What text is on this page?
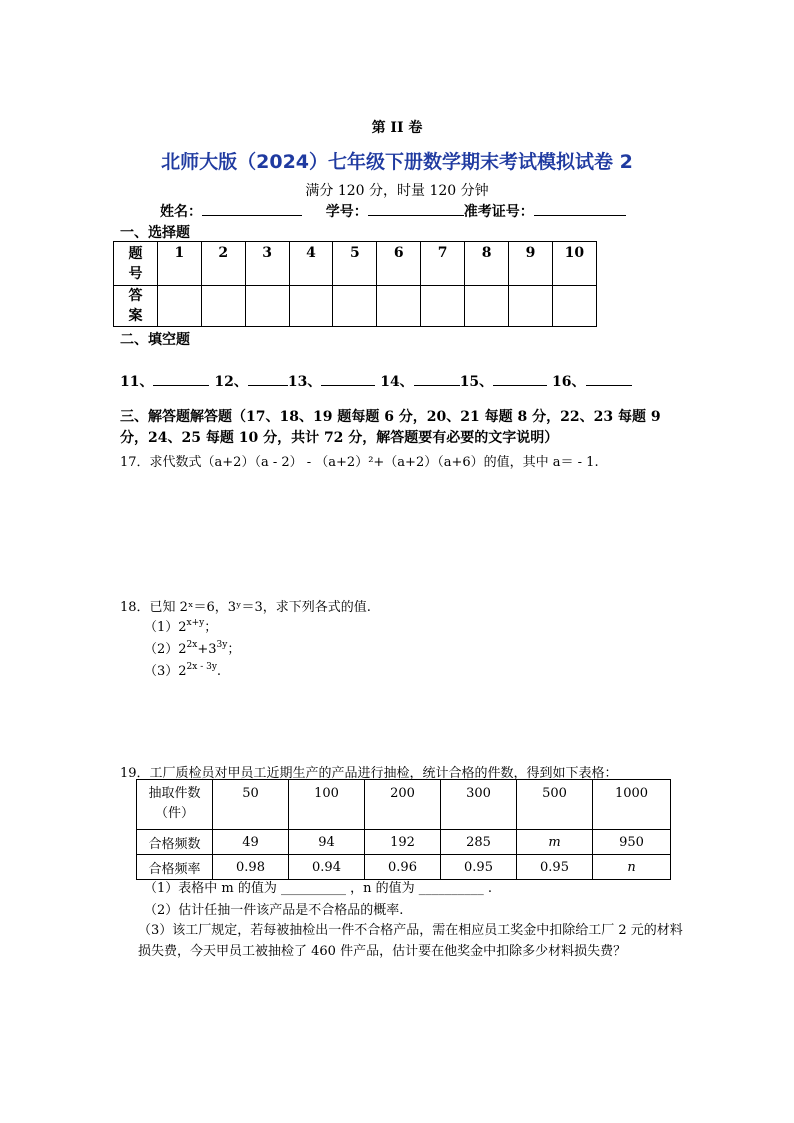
第 II 卷
北师大版（2024）七年级下册数学期末考试模拟试卷 2
满分 120 分，时量 120 分钟
姓名：	学号：	准考证号：
一、选择题
题
号	1	2	3	4	5	6	7	8	9	10
答
案										
二、填空题
11、	12、	13、	14、	15、	16、
三、解答题解答题（17、18、19 题每题 6 分，20、21 每题 8 分，22、23 每题 9 分，24、25 每题 10 分，共计 72 分，解答题要有必要的文字说明）
17．求代数式（a+2）（a - 2） - （a+2）²+（a+2）（a+6）的值，其中 a＝ - 1.
18．已知 2ˣ＝6，3ʸ＝3，求下列各式的值.
$(1)2^{x+y}$；
$(2)2^{2x}+3^{3y}$；
$(3)2^{2x - 3y}$.
19．工厂质检员对甲员工近期生产的产品进行抽检，统计合格的件数，得到如下表格：
抽取件数
（件）	50	100	200	300	500	1000
合格频数	49	94	192	285	m	950
合格频率	0.98	0.94	0.96	0.95	0.95	n
（1）表格中 m 的值为 __________ ，n 的值为 __________ .
（2）估计任抽一件该产品是不合格品的概率.
（3）该工厂规定，若每被抽检出一件不合格产品，需在相应员工奖金中扣除给工厂 2 元的材料损失费，今天甲员工被抽检了 460 件产品，估计要在他奖金中扣除多少材料损失费？
